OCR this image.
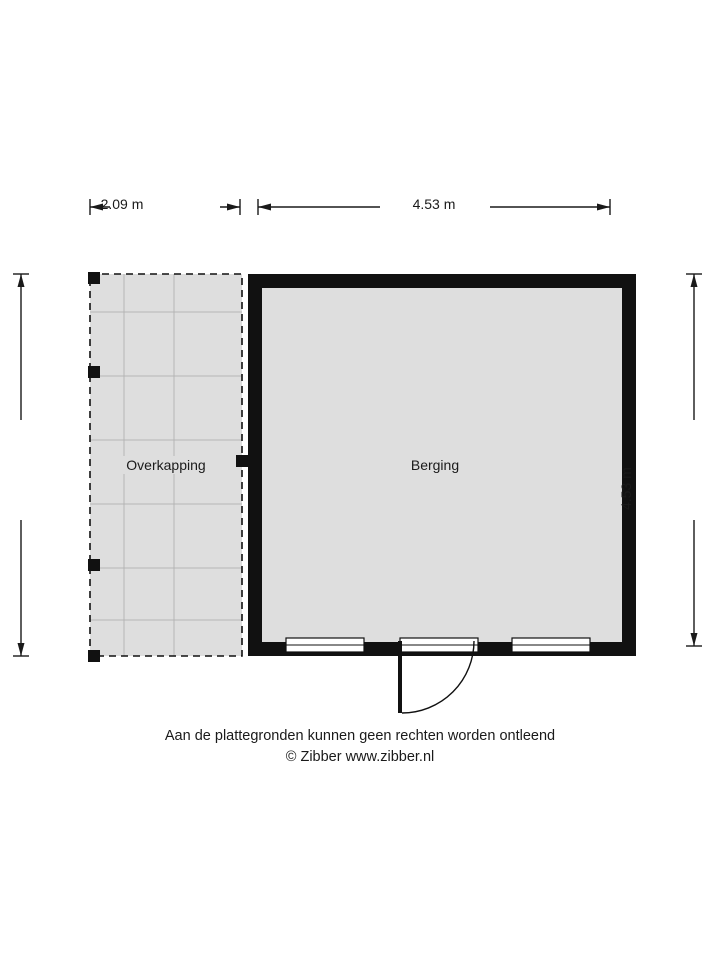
2.09 m	4.53 m
4.53 m
Overkapping	Berging
Aan de plattegronden kunnen geen rechten worden ontleend
© Zibber www.zibber.nl
